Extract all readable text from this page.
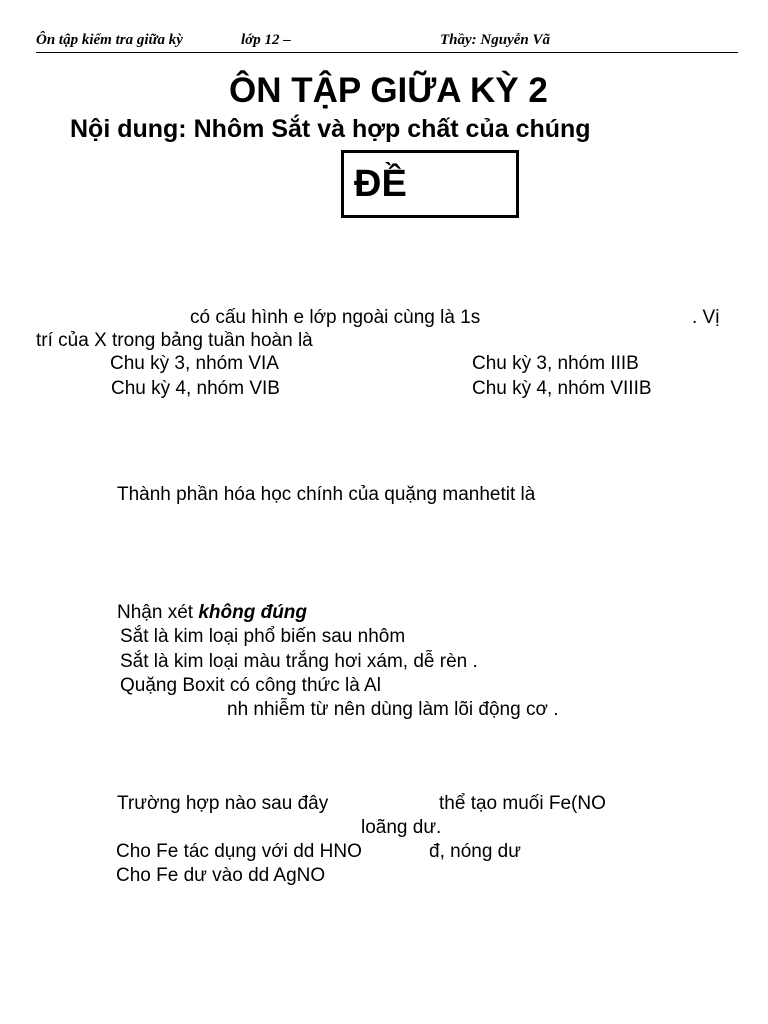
Ôn tập kiểm tra giữa kỳ	lớp 12 –	Thầy: Nguyễn Vã
ÔN TẬP GIỮA KỲ 2
Nội dung: Nhôm Sắt và hợp chất của chúng
ĐỀ
có cấu hình e lớp ngoài cùng là 1s	. Vị
trí của X trong bảng tuần hoàn là
Chu kỳ 3, nhóm VIA	Chu kỳ 3, nhóm IIIB
Chu kỳ 4, nhóm VIB	Chu kỳ 4, nhóm VIIIB
Thành phần hóa học chính của quặng manhetit là
Nhận xét không đúng
Sắt là kim loại phổ biến sau nhôm
Sắt là kim loại màu trắng hơi xám, dễ rèn .
Quặng Boxit có công thức là Al
nh nhiễm từ nên dùng làm lõi động cơ .
Trường hợp nào sau đây	thể tạo muối Fe(NO
loãng dư.
Cho Fe tác dụng với dd HNO	đ, nóng dư
Cho Fe dư vào dd AgNO
